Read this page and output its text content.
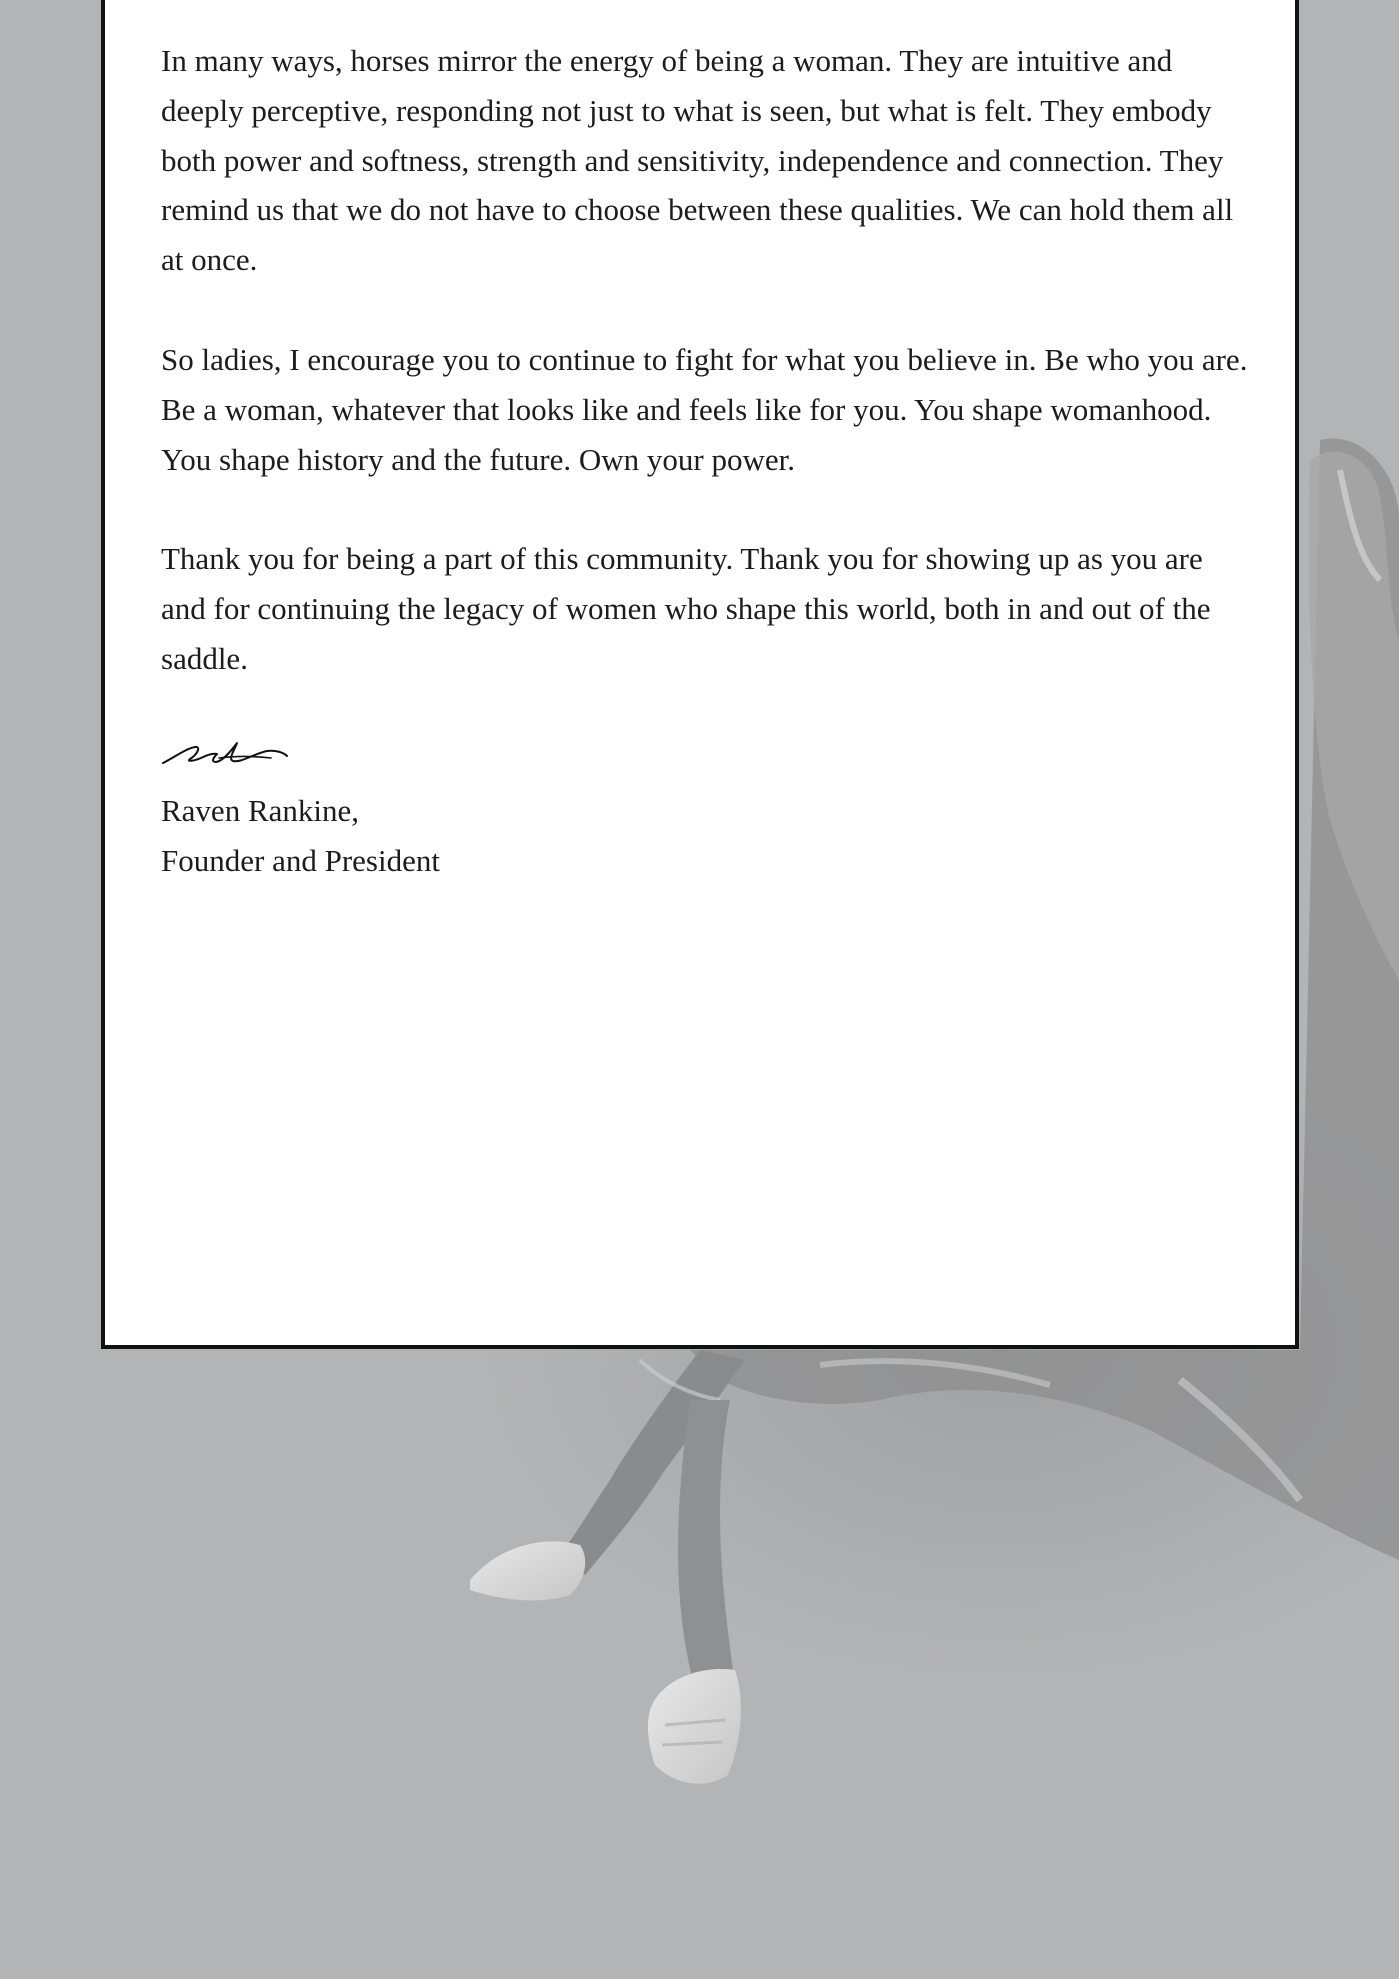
In many ways, horses mirror the energy of being a woman. They are intuitive and deeply perceptive, responding not just to what is seen, but what is felt. They embody both power and softness, strength and sensitivity, independence and connection. They remind us that we do not have to choose between these qualities. We can hold them all at once.

So ladies, I encourage you to continue to fight for what you believe in. Be who you are. Be a woman, whatever that looks like and feels like for you. You shape womanhood. You shape history and the future. Own your power.

Thank you for being a part of this community. Thank you for showing up as you are and for continuing the legacy of women who shape this world, both in and out of the saddle.

Raven Rankine,
Founder and President
